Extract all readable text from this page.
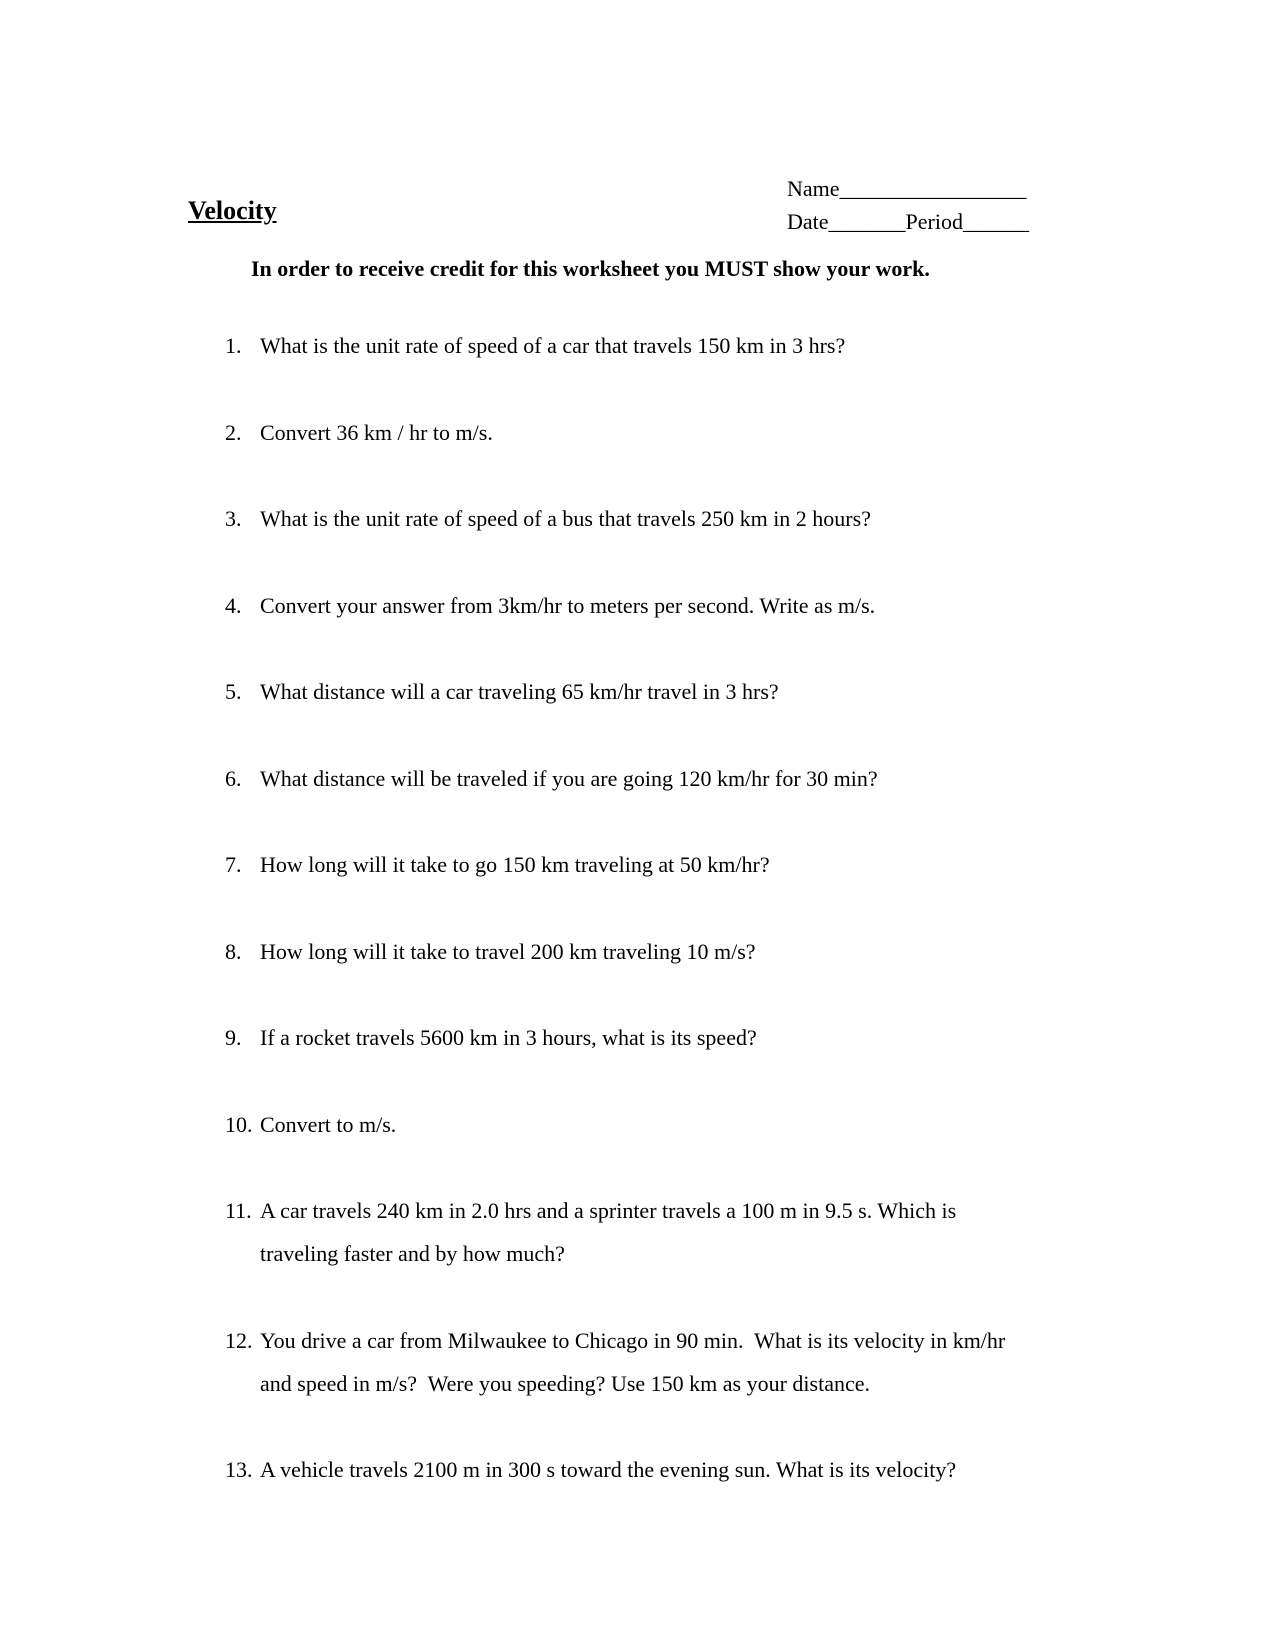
Name_________________
Velocity	Date_______Period______
In order to receive credit for this worksheet you MUST show your work.
1. What is the unit rate of speed of a car that travels 150 km in 3 hrs?
2. Convert 36 km / hr to m/s.
3. What is the unit rate of speed of a bus that travels 250 km in 2 hours?
4. Convert your answer from 3km/hr to meters per second. Write as m/s.
5. What distance will a car traveling 65 km/hr travel in 3 hrs?
6. What distance will be traveled if you are going 120 km/hr for 30 min?
7. How long will it take to go 150 km traveling at 50 km/hr?
8. How long will it take to travel 200 km traveling 10 m/s?
9. If a rocket travels 5600 km in 3 hours, what is its speed?
10. Convert to m/s.
11. A car travels 240 km in 2.0 hrs and a sprinter travels a 100 m in 9.5 s. Which is traveling faster and by how much?
12. You drive a car from Milwaukee to Chicago in 90 min.  What is its velocity in km/hr and speed in m/s?  Were you speeding? Use 150 km as your distance.
13. A vehicle travels 2100 m in 300 s toward the evening sun. What is its velocity?
